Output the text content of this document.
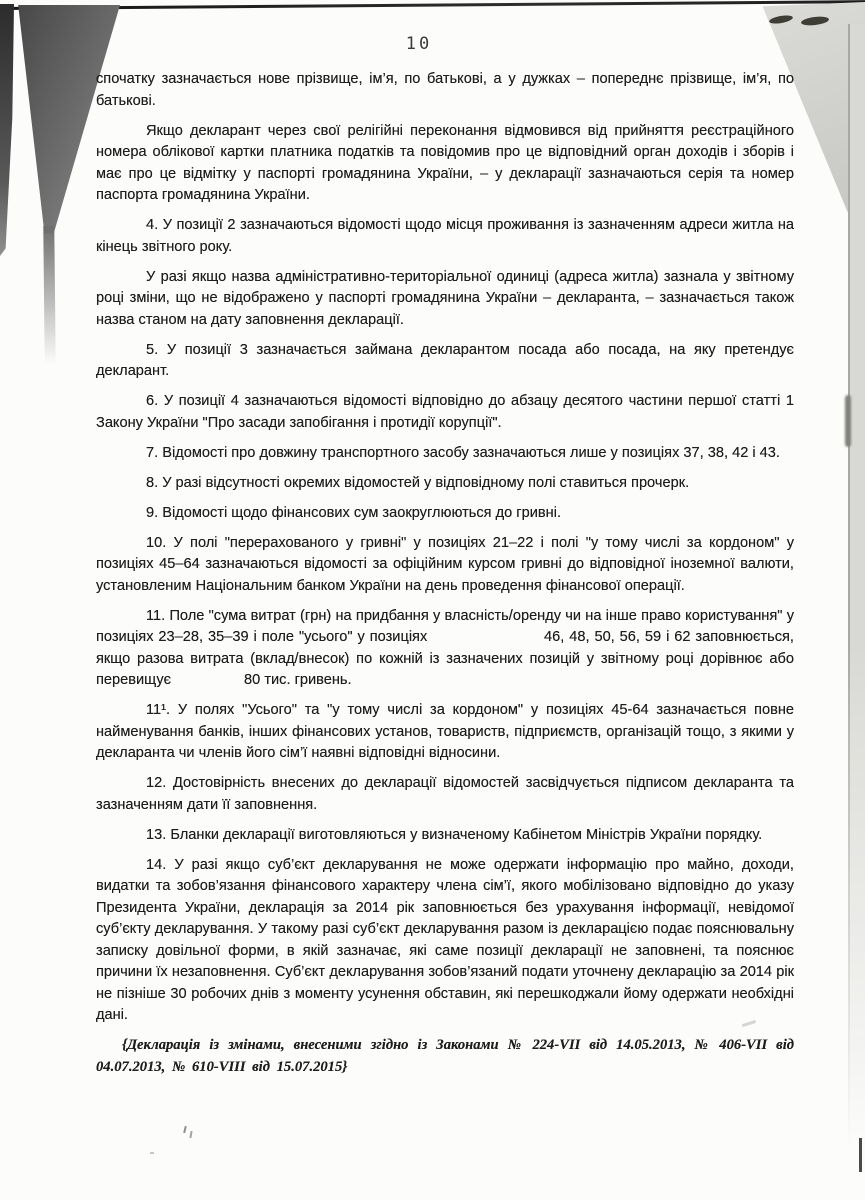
10

спочатку зазначається нове прізвище, ім’я, по батькові, а у дужках – попереднє прізвище, ім’я, по батькові.

Якщо декларант через свої релігійні переконання відмовився від прийняття реєстраційного номера облікової картки платника податків та повідомив про це відповідний орган доходів і зборів і має про це відмітку у паспорті громадянина України, – у декларації зазначаються серія та номер паспорта громадянина України.

4. У позиції 2 зазначаються відомості щодо місця проживання із зазначенням адреси житла на кінець звітного року.

У разі якщо назва адміністративно-територіальної одиниці (адреса житла) зазнала у звітному році зміни, що не відображено у паспорті громадянина України – декларанта, – зазначається також назва станом на дату заповнення декларації.

5. У позиції 3 зазначається займана декларантом посада або посада, на яку претендує декларант.

6. У позиції 4 зазначаються відомості відповідно до абзацу десятого частини першої статті 1 Закону України "Про засади запобігання і протидії корупції".

7. Відомості про довжину транспортного засобу зазначаються лише у позиціях 37, 38, 42 і 43.

8. У разі відсутності окремих відомостей у відповідному полі ставиться прочерк.

9. Відомості щодо фінансових сум заокруглюються до гривні.

10. У полі "перерахованого у гривні" у позиціях 21–22 і полі "у тому числі за кордоном" у позиціях 45–64 зазначаються відомості за офіційним курсом гривні до відповідної іноземної валюти, установленим Національним банком України на день проведення фінансової операції.

11. Поле "сума витрат (грн) на придбання у власність/оренду чи на інше право користування" у позиціях 23–28, 35–39 і поле "усього" у позиціях        46, 48, 50, 56, 59 і 62 заповнюється, якщо разова витрата (вклад/внесок) по кожній із зазначених позицій у звітному році дорівнює або перевищує     80 тис. гривень.

11¹. У полях "Усього" та "у тому числі за кордоном" у позиціях 45-64 зазначається повне найменування банків, інших фінансових установ, товариств, підприємств, організацій тощо, з якими у декларанта чи членів його сім’ї наявні відповідні відносини.

12. Достовірність внесених до декларації відомостей засвідчується підписом декларанта та зазначенням дати її заповнення.

13. Бланки декларації виготовляються у визначеному Кабінетом Міністрів України порядку.

14. У разі якщо суб’єкт декларування не може одержати інформацію про майно, доходи, видатки та зобов’язання фінансового характеру члена сім’ї, якого мобілізовано відповідно до указу Президента України, декларація за 2014 рік заповнюється без урахування інформації, невідомої суб’єкту декларування. У такому разі суб’єкт декларування разом із декларацією подає пояснювальну записку довільної форми, в якій зазначає, які саме позиції декларації не заповнені, та пояснює причини їх незаповнення. Суб’єкт декларування зобов’язаний подати уточнену декларацію за 2014 рік не пізніше 30 робочих днів з моменту усунення обставин, які перешкоджали йому одержати необхідні дані.

{Декларація із змінами, внесеними згідно із Законами № 224-VII від 14.05.2013, № 406-VII від 04.07.2013, № 610-VIII від 15.07.2015}
